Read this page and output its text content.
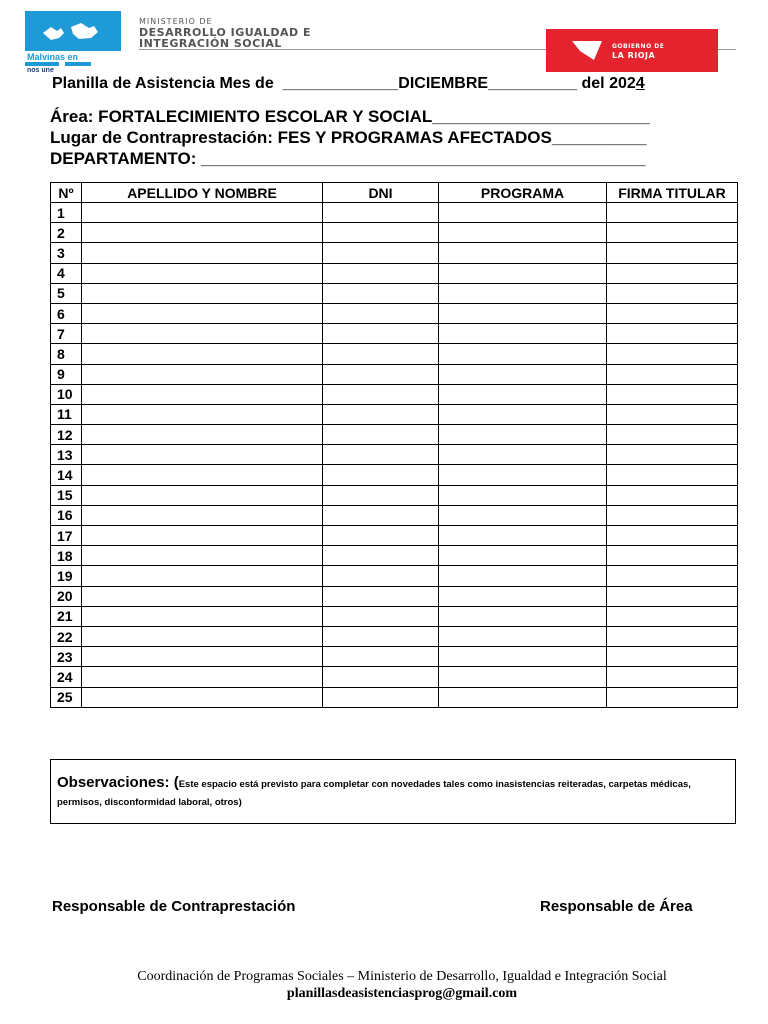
Malvinas en
nos une
MINISTERIO DE
DESARROLLO IGUALDAD E
INTEGRACIÓN SOCIAL	GOBIERNO DE
LA RIOJA
Planilla de Asistencia Mes de _____________DICIEMBRE__________ del 2024
Área: FORTALECIMIENTO ESCOLAR Y SOCIAL_______________________
Lugar de Contraprestación: FES Y PROGRAMAS AFECTADOS__________
DEPARTAMENTO: _______________________________________________
Nº	APELLIDO Y NOMBRE	DNI	PROGRAMA	FIRMA TITULAR
1				
2				
3				
4				
5				
6				
7				
8				
9				
10				
11				
12				
13				
14				
15				
16				
17				
18				
19				
20				
21				
22				
23				
24				
25				
Observaciones: (Este espacio está previsto para completar con novedades tales como inasistencias reiteradas, carpetas médicas, permisos, disconformidad laboral, otros)
Responsable de Contraprestación	Responsable de Área
Coordinación de Programas Sociales – Ministerio de Desarrollo, Igualdad e Integración Social
planillasdeasistenciasprog@gmail.com
